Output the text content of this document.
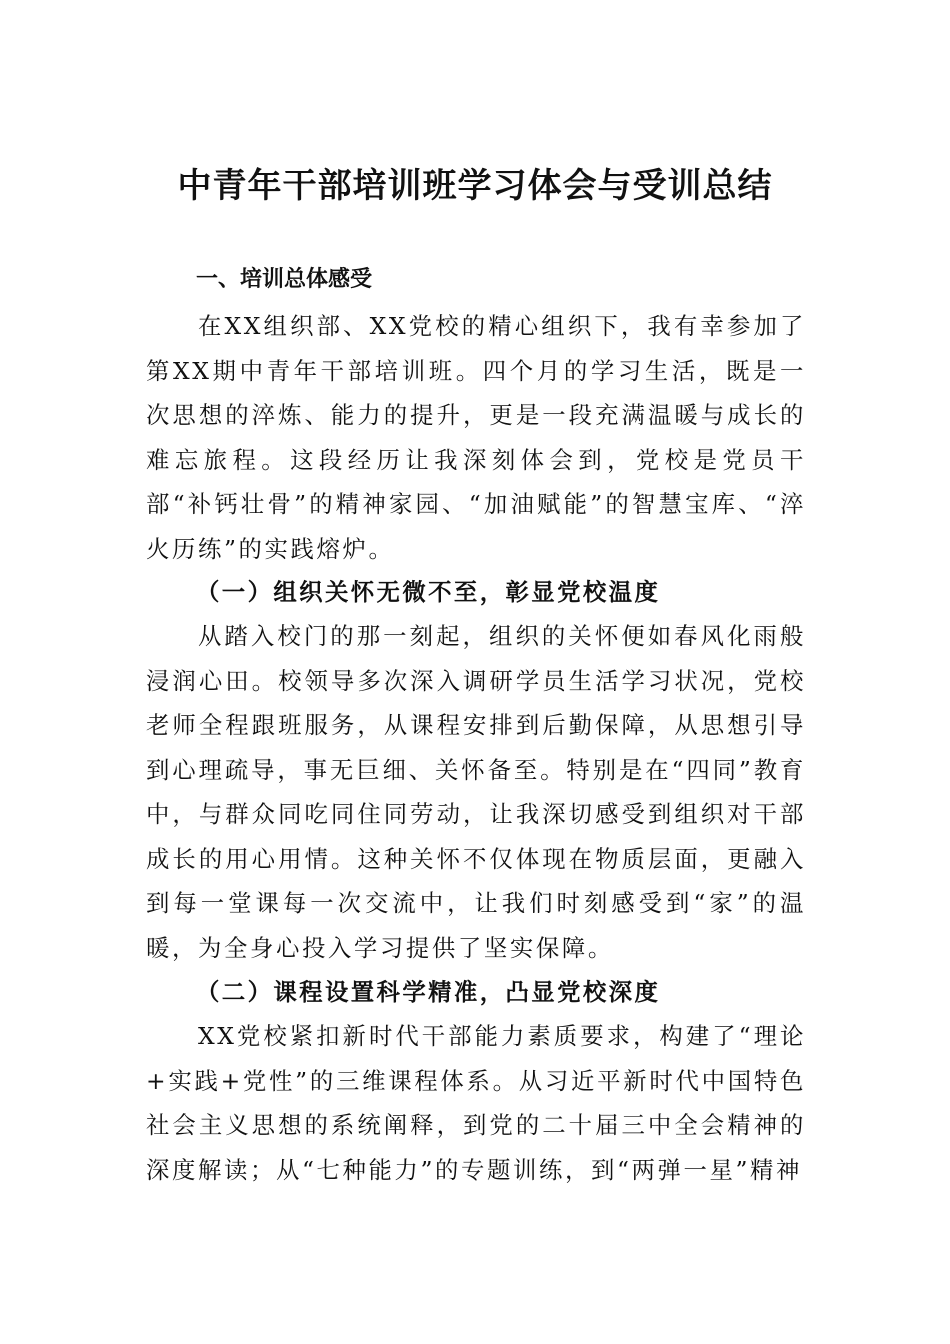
中青年干部培训班学习体会与受训总结
一、培训总体感受

在XX组织部、XX党校的精心组织下，我有幸参加了第XX期中青年干部培训班。四个月的学习生活，既是一次思想的淬炼、能力的提升，更是一段充满温暖与成长的难忘旅程。这段经历让我深刻体会到，党校是党员干部“补钙壮骨”的精神家园、“加油赋能”的智慧宝库、“淬火历练”的实践熔炉。

（一）组织关怀无微不至，彰显党校温度

从踏入校门的那一刻起，组织的关怀便如春风化雨般浸润心田。校领导多次深入调研学员生活学习状况，党校老师全程跟班服务，从课程安排到后勤保障，从思想引导到心理疏导，事无巨细、关怀备至。特别是在“四同”教育中，与群众同吃同住同劳动，让我深切感受到组织对干部成长的用心用情。这种关怀不仅体现在物质层面，更融入到每一堂课每一次交流中，让我们时刻感受到“家”的温暖，为全身心投入学习提供了坚实保障。

（二）课程设置科学精准，凸显党校深度

XX党校紧扣新时代干部能力素质要求，构建了“理论+实践+党性”的三维课程体系。从习近平新时代中国特色社会主义思想的系统阐释，到党的二十届三中全会精神的深度解读；从“七种能力”的专题训练，到“两弹一星”精神
